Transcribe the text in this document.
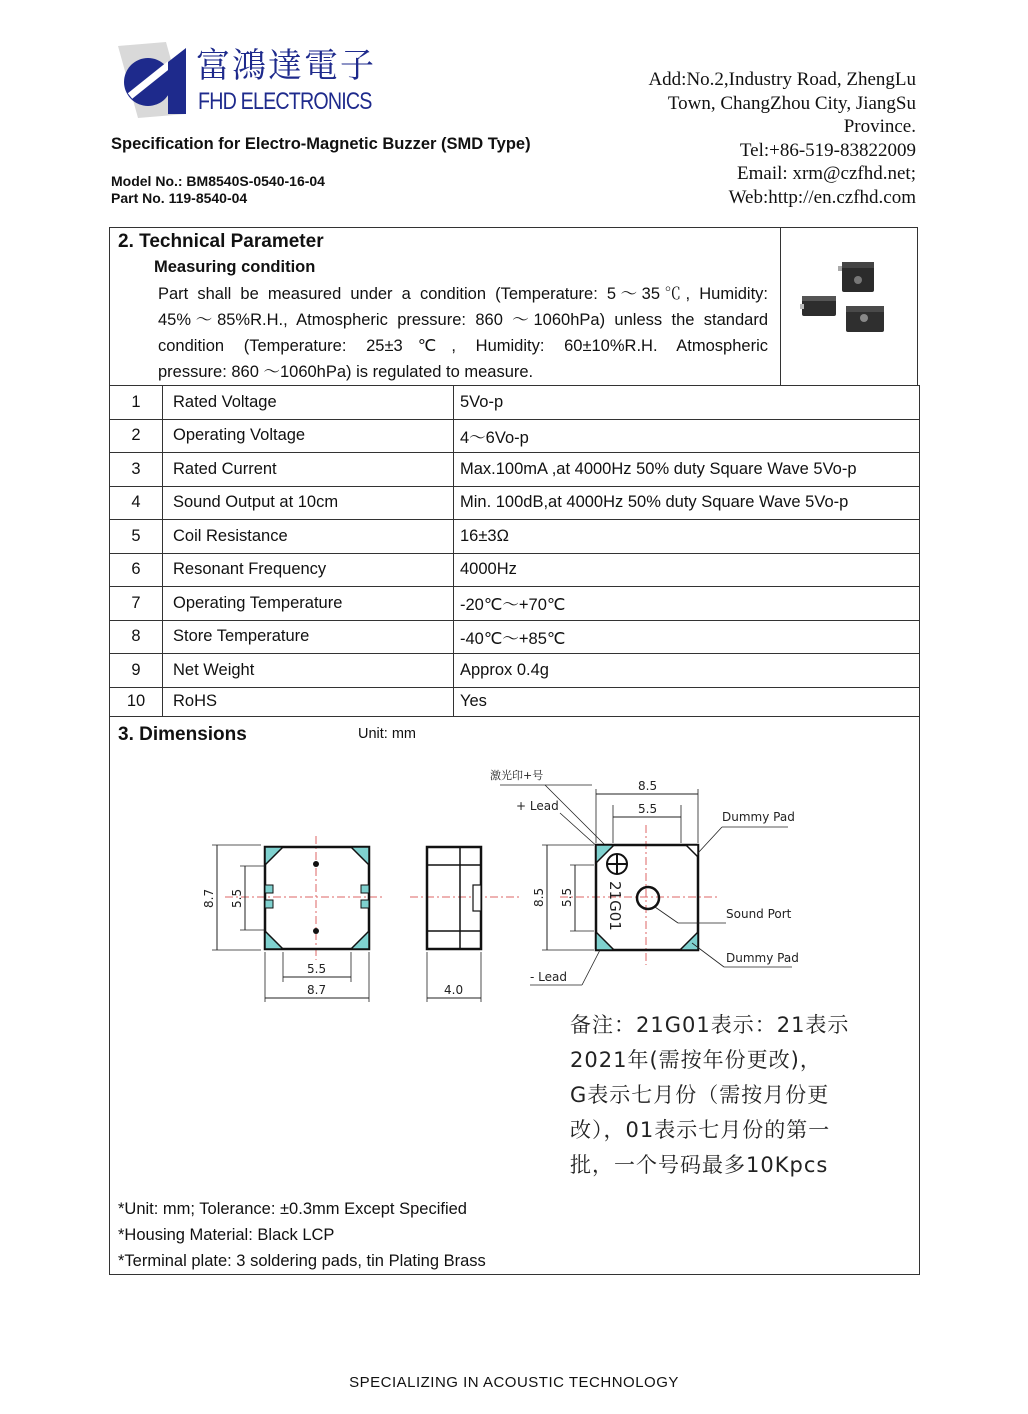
富鴻達電子
FHD ELECTRONICS
Add:No.2,Industry Road, ZhengLu
Town, ChangZhou City, JiangSu
Province.
Tel:+86-519-83822009
Email: xrm@czfhd.net;
Web:http://en.czfhd.com
Specification for Electro-Magnetic Buzzer (SMD Type)
Model No.: BM8540S-0540-16-04
Part No. 119-8540-04
2. Technical Parameter
Measuring condition
Part shall be measured under a condition (Temperature: 5～35℃, Humidity:
45%～85%R.H., Atmospheric pressure: 860 ～1060hPa) unless the standard
condition (Temperature: 25±3℃, Humidity: 60±10%R.H. Atmospheric
pressure: 860 ～1060hPa) is regulated to measure.
1	Rated Voltage	5Vo-p
2	Operating Voltage	4～6Vo-p
3	Rated Current	Max.100mA ,at 4000Hz 50% duty Square Wave 5Vo-p
4	Sound Output at 10cm	Min. 100dB,at 4000Hz 50% duty Square Wave 5Vo-p
5	Coil Resistance	16±3Ω
6	Resonant Frequency	4000Hz
7	Operating Temperature	-20℃～+70℃
8	Store Temperature	-40℃～+85℃
9	Net Weight	Approx 0.4g
10	RoHS	Yes
3. Dimensions	Unit: mm
8.7 5.5
5.5
8.7	4.0
激光印+号
+ Lead
21G01
8.5
5.5
8.5 5.5
Dummy Pad
Sound Port
Dummy Pad
- Lead
备注：21G01表示：21表示
2021年(需按年份更改)，
G表示七月份（需按月份更
改），01表示七月份的第一
批，一个号码最多10Kpcs
*Unit: mm; Tolerance: ±0.3mm Except Specified
*Housing Material: Black LCP
*Terminal plate: 3 soldering pads, tin Plating Brass
SPECIALIZING IN ACOUSTIC TECHNOLOGY
